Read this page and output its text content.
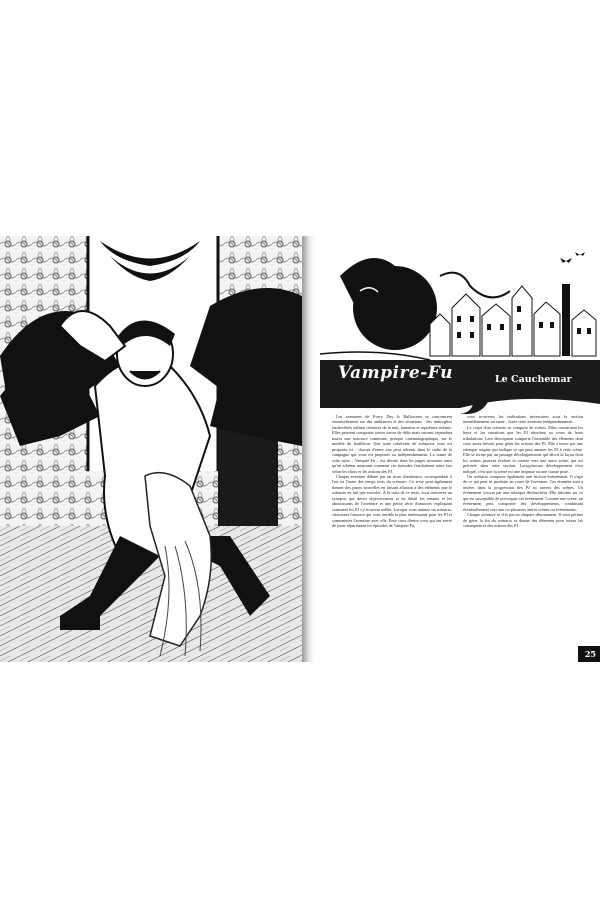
Vampire-Fu	Le Cauchemar

Les aventures de Every Day Is Halloween se concentrent essentiellement sur des ambiances et des situations : des imbroglios enchevêtrés mêlant créatures de la nuit, humains et septièmes enfants. Elles peuvent comporter toutes sortes de défis mais suivent cependant toutes une structure commune, presque cinématographique, sur le modèle du feuilleton. Une suite cohérente de scénarios vous est proposée ici : chacun d'entre eux peut advenir dans le cadre de la campagne qui vous est proposée ou indépendamment. La trame de cette suite – Vampire-Fu – est décrite dans les pages suivantes ainsi qu'un schéma montrant comment ces épisodes s'enchaînent entre eux selon les choix et les actions des PJ.

Chaque aventure débute par un texte d'ambiance, correspondant à l'un ou l'autre des temps forts du scénario. Ce texte peut également donner des pistes nouvelles en faisant allusion à des éléments que le scénario ne fait que survoler. À la suite de ce texte, vous trouverez un synopsis qui décrit objectivement et en détail les tenants et les aboutissants de l'aventure et une petite série d'amorces expliquant comment les PJ s'y trouvent mêlés. Lorsque vous animez un scénario, choisissez l'amorce qui vous semble la plus intéressante pour les PJ et commencez l'aventure avec elle. Pour ceux d'entre vous qui ont envie de jouer séparément les épisodes de Vampire-Fu,

vous trouverez les indications nécessaires sous la section immédiatement suivante : Jouer cette aventure indépendamment.

Le corps d'un scénario se compose de scènes. Elles constituent les lieux et les situations que les PJ abordent au cours de leurs tribulations. Leur description comporte l'ensemble des éléments dont vous aurez besoin pour gérer les actions des PJ. Elle s'ouvre par une rubrique origine qui indique ce qui peut amener les PJ à cette scène. Elle se ferme par un passage développements qui décrit la façon dont les scènes peuvent évoluer et oriente vers une autre scène, qui est précisée dans cette section. Lorsqu'aucun développement n'est indiqué, c'est que la scène est une impasse ou une fausse piste.

Un scénario comporte également une section événements. Il s'agit de ce qui peut se produire au cours de l'aventure. Ces données sont à insérer dans la progression des PJ au travers des scènes. Un événement s'ouvre par une rubrique déclencheur. Elle informe sur ce qui est susceptible de provoquer cet événement. Comme une scène, un événement peut comporter des développements, conduisant éventuellement vers une ou plusieurs autres scènes ou événements.

Chaque aventure se clôt par un chapitre dénouement. Il vous permet de gérer la fin du scénario et donne des éléments pour toutes les conséquences des actions des PJ.

25
